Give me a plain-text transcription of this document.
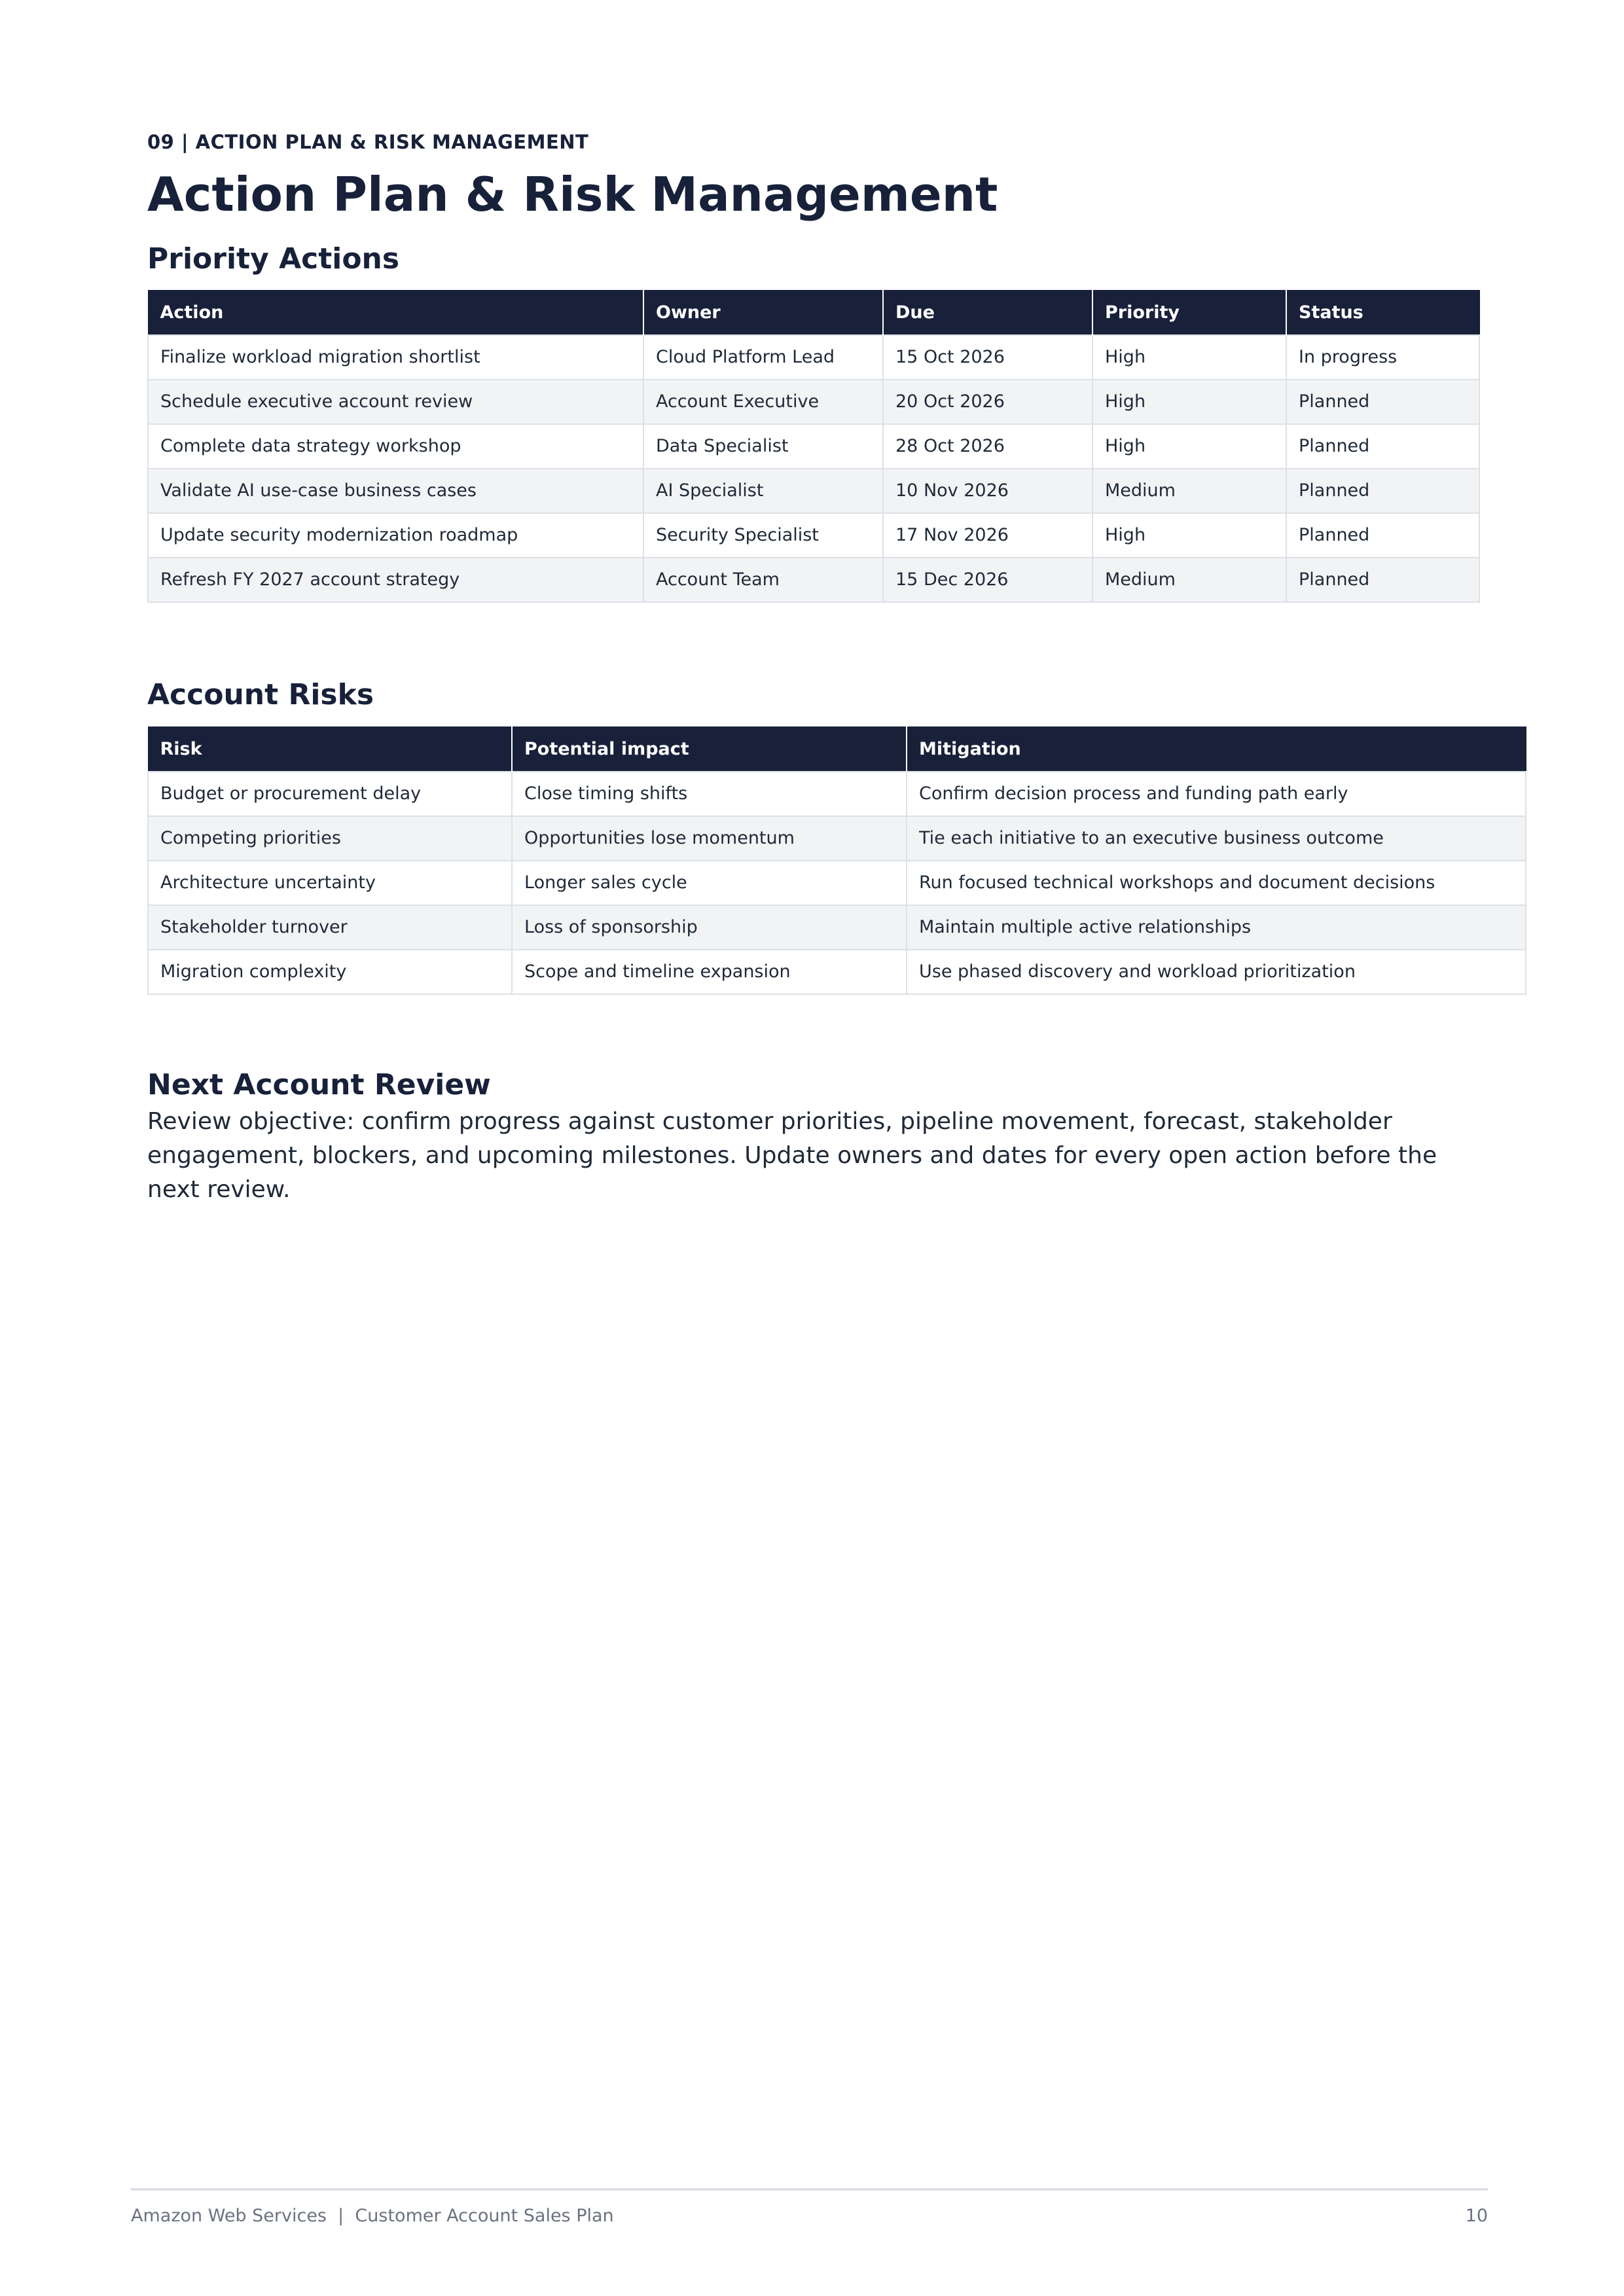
09 | ACTION PLAN & RISK MANAGEMENT
Action Plan & Risk Management
Priority Actions
Action	Owner	Due	Priority	Status
Finalize workload migration shortlist	Cloud Platform Lead	15 Oct 2026	High	In progress
Schedule executive account review	Account Executive	20 Oct 2026	High	Planned
Complete data strategy workshop	Data Specialist	28 Oct 2026	High	Planned
Validate AI use-case business cases	AI Specialist	10 Nov 2026	Medium	Planned
Update security modernization roadmap	Security Specialist	17 Nov 2026	High	Planned
Refresh FY 2027 account strategy	Account Team	15 Dec 2026	Medium	Planned
Account Risks
Risk	Potential impact	Mitigation
Budget or procurement delay	Close timing shifts	Confirm decision process and funding path early
Competing priorities	Opportunities lose momentum	Tie each initiative to an executive business outcome
Architecture uncertainty	Longer sales cycle	Run focused technical workshops and document decisions
Stakeholder turnover	Loss of sponsorship	Maintain multiple active relationships
Migration complexity	Scope and timeline expansion	Use phased discovery and workload prioritization
Next Account Review
Review objective: confirm progress against customer priorities, pipeline movement, forecast, stakeholder engagement, blockers, and upcoming milestones. Update owners and dates for every open action before the next review.
Amazon Web Services  |  Customer Account Sales Plan	10
